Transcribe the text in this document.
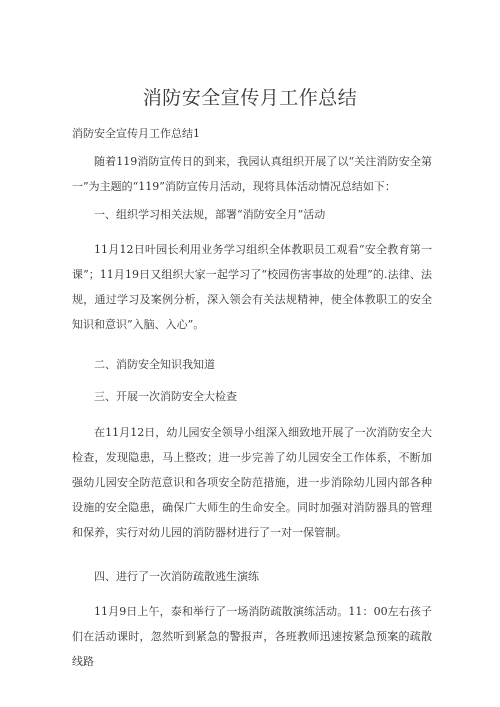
消防安全宣传月工作总结
消防安全宣传月工作总结1

随着119消防宣传日的到来，我园认真组织开展了以“关注消防安全第一”为主题的“119”消防宣传月活动，现将具体活动情况总结如下：

一、组织学习相关法规，部署“消防安全月”活动

11月12日叶园长利用业务学习组织全体教职员工观看“安全教育第一课”；11月19日又组织大家一起学习了“校园伤害事故的处理”的.法律、法规，通过学习及案例分析，深入领会有关法规精神，使全体教职工的安全知识和意识”入脑、入心”。

二、消防安全知识我知道

三、开展一次消防安全大检查

在11月12日，幼儿园安全领导小组深入细致地开展了一次消防安全大检查，发现隐患，马上整改；进一步完善了幼儿园安全工作体系，不断加强幼儿园安全防范意识和各项安全防范措施，进一步消除幼儿园内部各种设施的安全隐患，确保广大师生的生命安全。同时加强对消防器具的管理和保养，实行对幼儿园的消防器材进行了一对一保管制。

四、进行了一次消防疏散逃生演练

11月9日上午，泰和举行了一场消防疏散演练活动。11：00左右孩子们在活动课时，忽然听到紧急的警报声，各班教师迅速按紧急预案的疏散线路
